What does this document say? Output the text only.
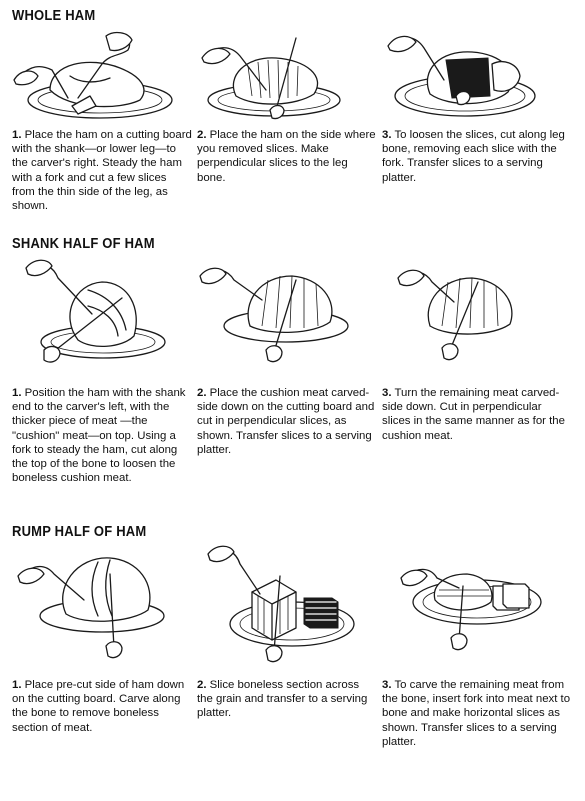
WHOLE HAM
1. Place the ham on a cutting board with the shank—or lower leg—to the carver's right. Steady the ham with a fork and cut a few slices from the thin side of the leg, as shown.
2. Place the ham on the side where you removed slices. Make perpendicular slices to the leg bone.
3. To loosen the slices, cut along leg bone, removing each slice with the fork. Transfer slices to a serving platter.
SHANK HALF OF HAM
1. Position the ham with the shank end to the carver's left, with the thicker piece of meat —the "cushion" meat—on top. Using a fork to steady the ham, cut along the top of the bone to loosen the boneless cushion meat.
2. Place the cushion meat carved-side down on the cutting board and cut in perpendicular slices, as shown. Transfer slices to a serving platter.
3. Turn the remaining meat carved-side down. Cut in perpendicular slices in the same manner as for the cushion meat.
RUMP HALF OF HAM
1. Place pre-cut side of ham down on the cutting board. Carve along the bone to remove boneless section of meat.
2. Slice boneless section across the grain and transfer to a serving platter.
3. To carve the remaining meat from the bone, insert fork into meat next to bone and make horizontal slices as shown. Transfer slices to a serving platter.
